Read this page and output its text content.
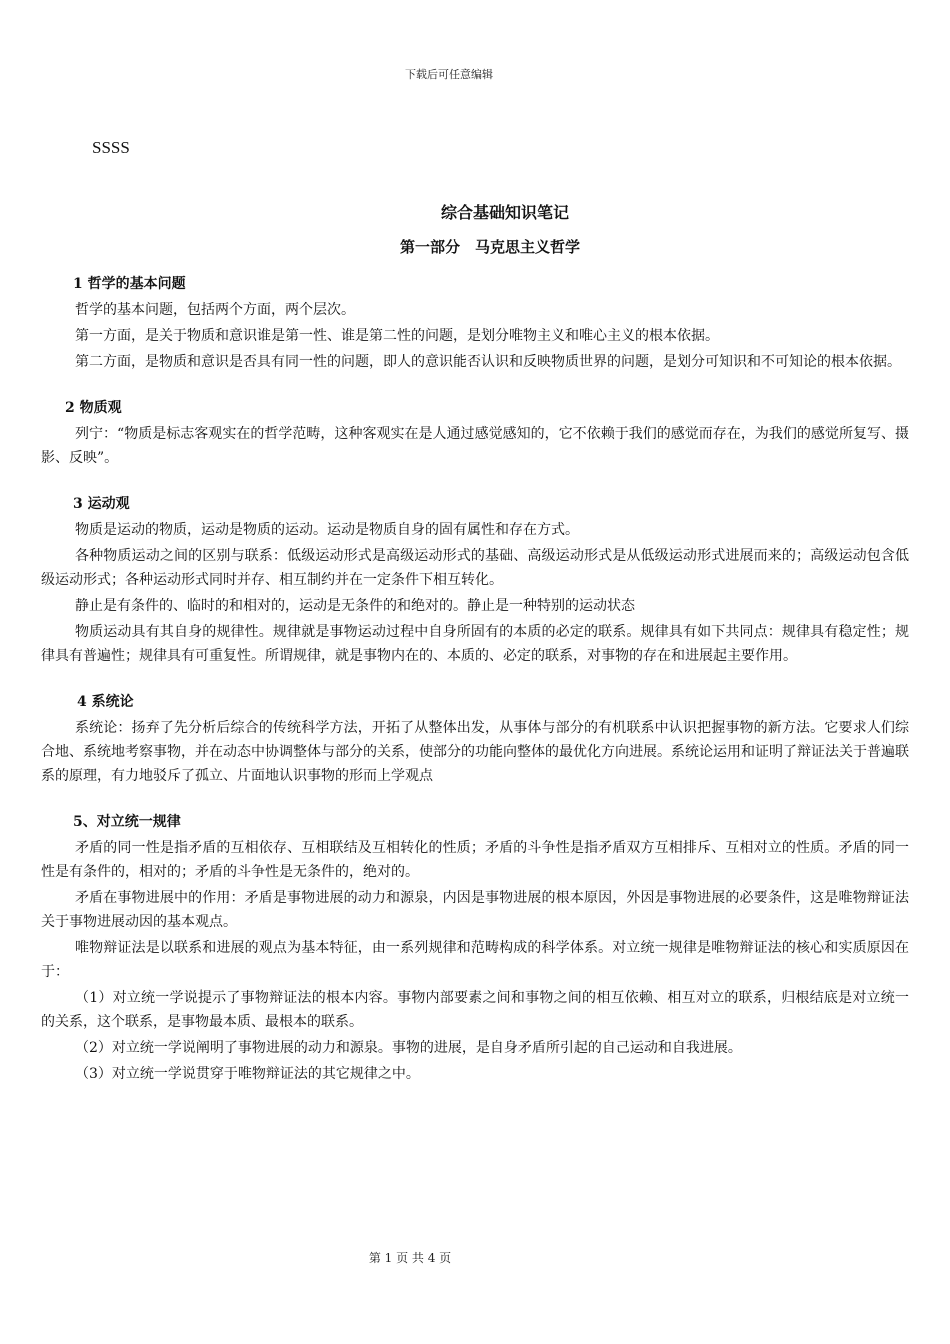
下载后可任意编辑
SSSS
综合基础知识笔记
第一部分　马克思主义哲学
1 哲学的基本问题

哲学的基本问题，包括两个方面，两个层次。

第一方面，是关于物质和意识谁是第一性、谁是第二性的问题，是划分唯物主义和唯心主义的根本依据。

第二方面，是物质和意识是否具有同一性的问题，即人的意识能否认识和反映物质世界的问题，是划分可知识和不可知论的根本依据。

2 物质观

列宁：“物质是标志客观实在的哲学范畴，这种客观实在是人通过感觉感知的，它不依赖于我们的感觉而存在，为我们的感觉所复写、摄影、反映”。

3 运动观

物质是运动的物质，运动是物质的运动。运动是物质自身的固有属性和存在方式。

各种物质运动之间的区别与联系：低级运动形式是高级运动形式的基础、高级运动形式是从低级运动形式进展而来的；高级运动包含低级运动形式；各种运动形式同时并存、相互制约并在一定条件下相互转化。

静止是有条件的、临时的和相对的，运动是无条件的和绝对的。静止是一种特别的运动状态

物质运动具有其自身的规律性。规律就是事物运动过程中自身所固有的本质的必定的联系。规律具有如下共同点：规律具有稳定性；规律具有普遍性；规律具有可重复性。所谓规律，就是事物内在的、本质的、必定的联系，对事物的存在和进展起主要作用。

4 系统论

系统论：扬弃了先分析后综合的传统科学方法，开拓了从整体出发，从事体与部分的有机联系中认识把握事物的新方法。它要求人们综合地、系统地考察事物，并在动态中协调整体与部分的关系，使部分的功能向整体的最优化方向进展。系统论运用和证明了辩证法关于普遍联系的原理，有力地驳斥了孤立、片面地认识事物的形而上学观点

5、对立统一规律

矛盾的同一性是指矛盾的互相依存、互相联结及互相转化的性质；矛盾的斗争性是指矛盾双方互相排斥、互相对立的性质。矛盾的同一性是有条件的，相对的；矛盾的斗争性是无条件的，绝对的。

矛盾在事物进展中的作用：矛盾是事物进展的动力和源泉，内因是事物进展的根本原因，外因是事物进展的必要条件，这是唯物辩证法关于事物进展动因的基本观点。

唯物辩证法是以联系和进展的观点为基本特征，由一系列规律和范畴构成的科学体系。对立统一规律是唯物辩证法的核心和实质原因在于：

（1）对立统一学说提示了事物辩证法的根本内容。事物内部要素之间和事物之间的相互依赖、相互对立的联系，归根结底是对立统一的关系，这个联系，是事物最本质、最根本的联系。

（2）对立统一学说阐明了事物进展的动力和源泉。事物的进展，是自身矛盾所引起的自己运动和自我进展。

（3）对立统一学说贯穿于唯物辩证法的其它规律之中。

第 1 页 共 4 页
